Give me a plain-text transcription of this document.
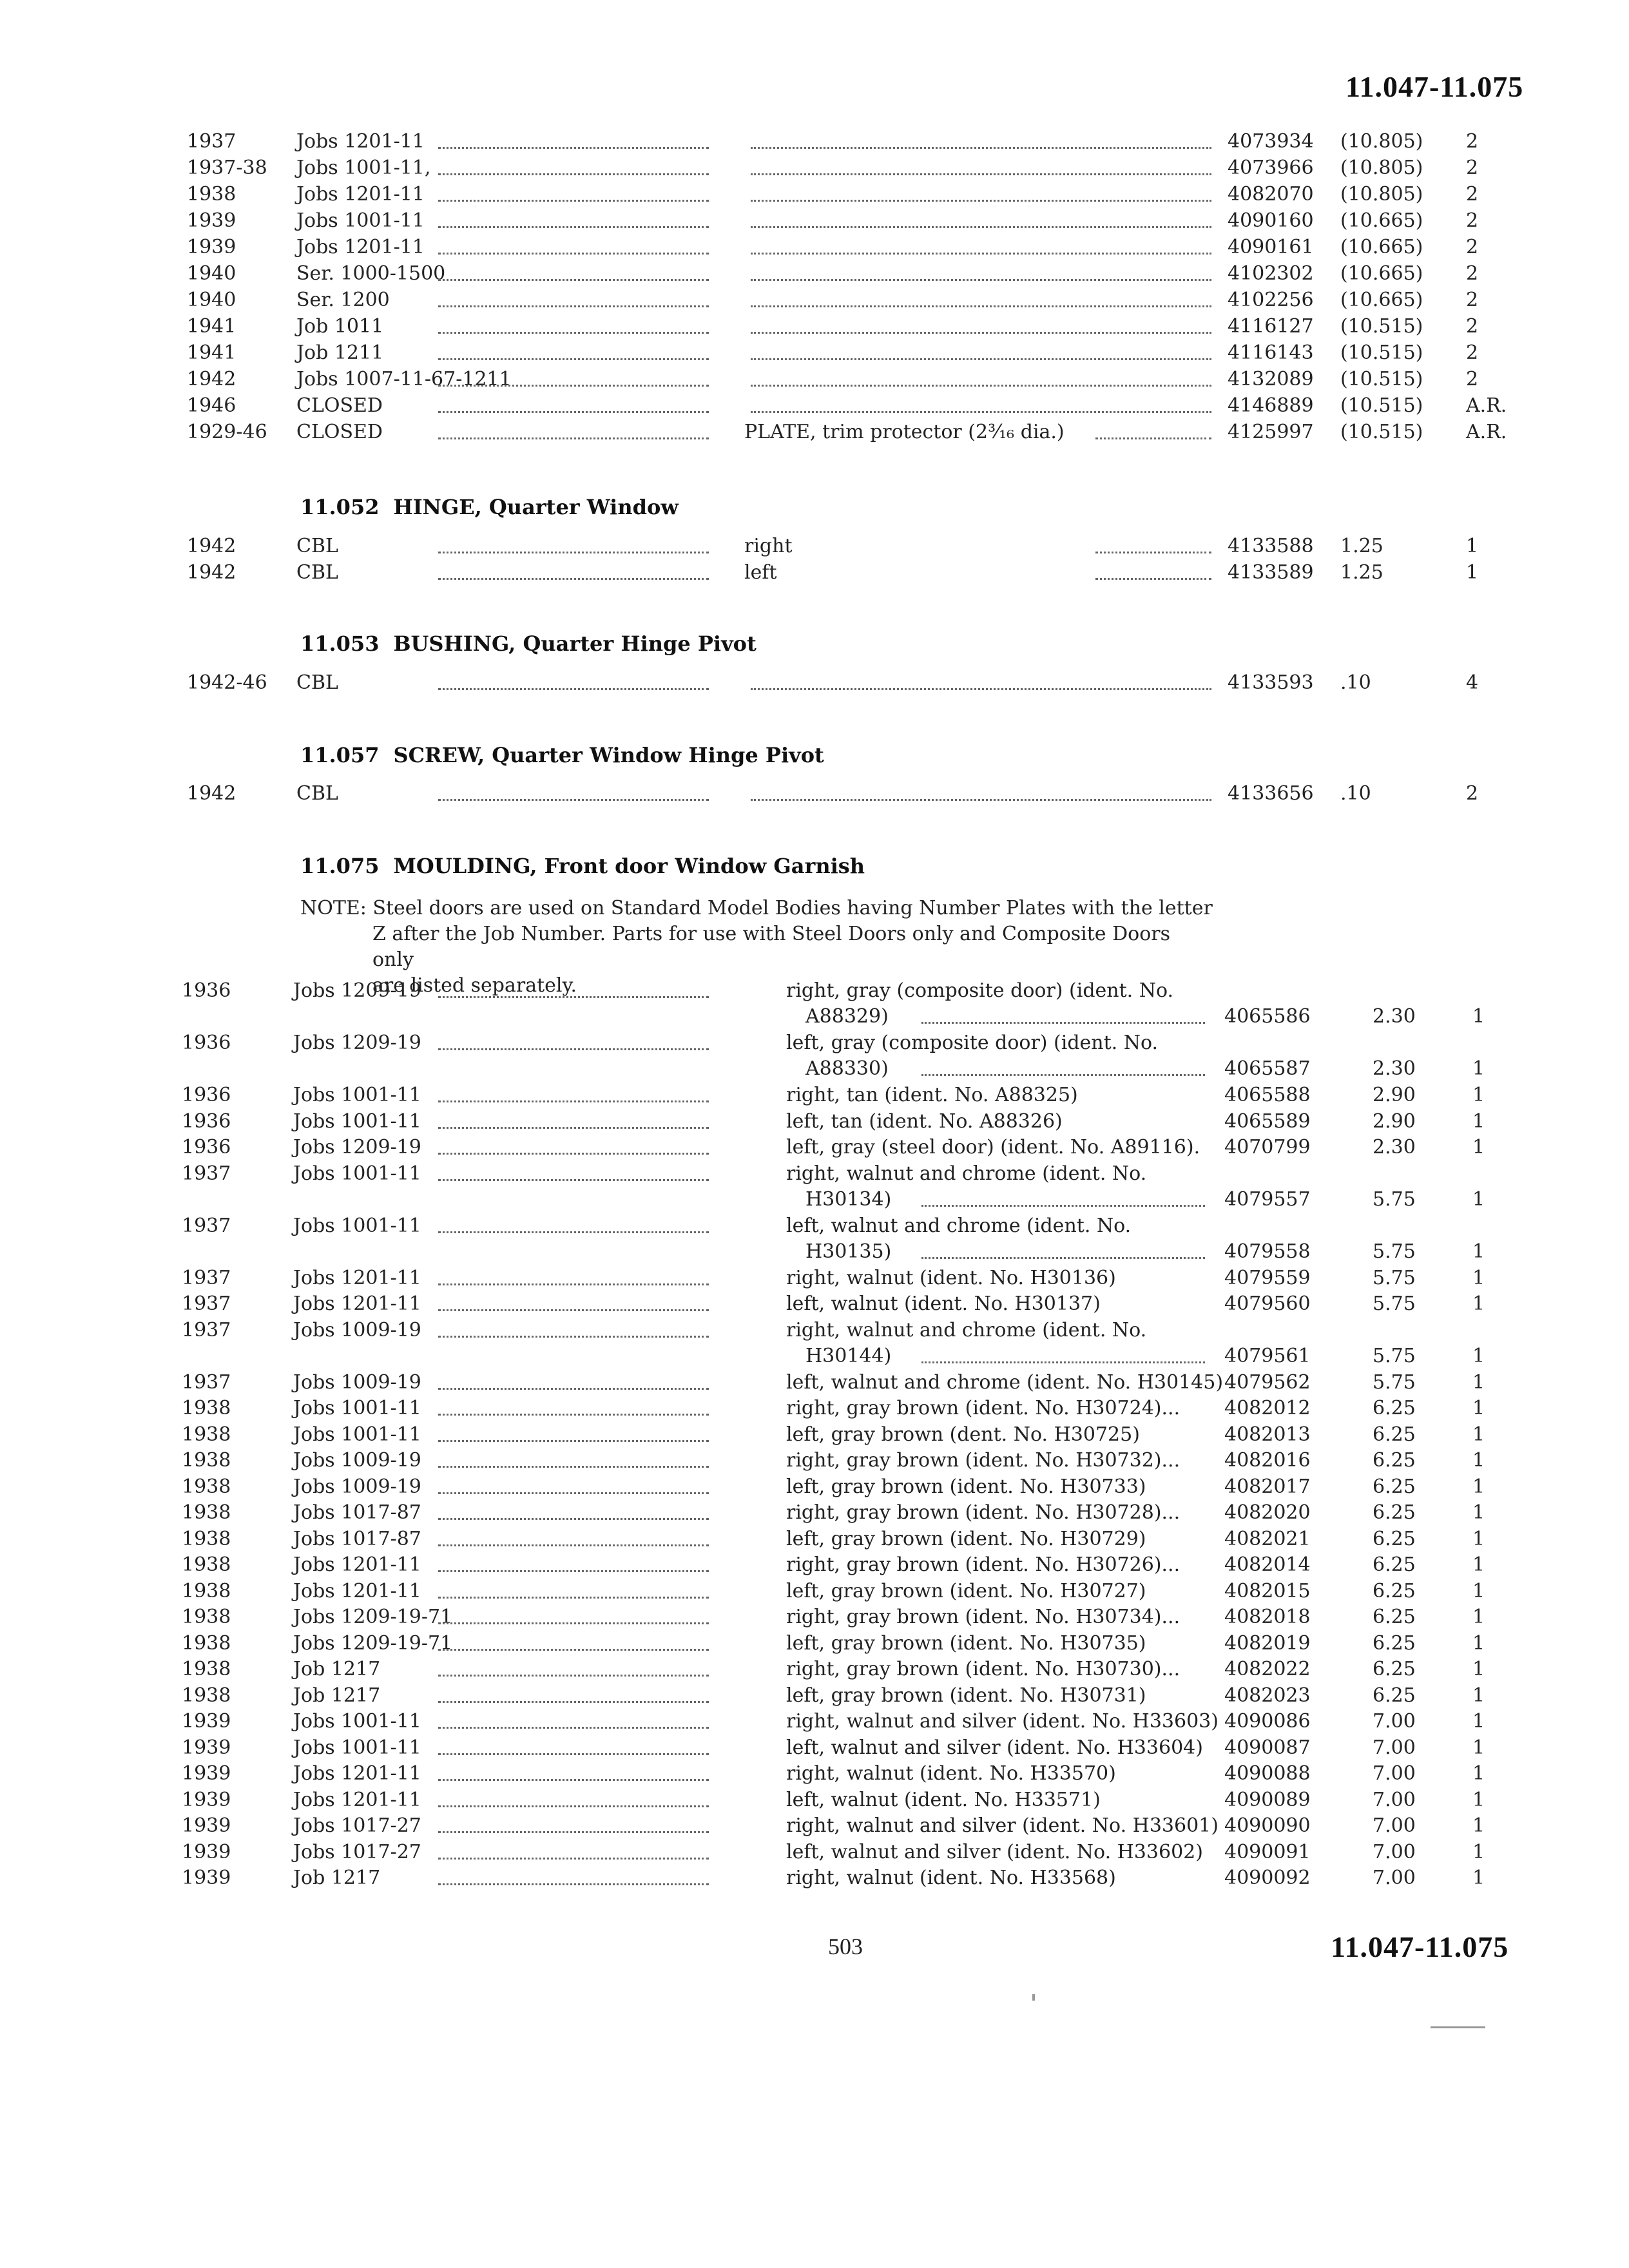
11.047-11.075
1937	Jobs 1201-11	4073934 (10.805) 2
1937-38 Jobs 1001-11,	4073966 (10.805) 2
1938	Jobs 1201-11	4082070 (10.805) 2
1939	Jobs 1001-11	4090160 (10.665) 2
1939	Jobs 1201-11	4090161 (10.665) 2
1940	Ser. 1000-1500	4102302 (10.665) 2
1940	Ser. 1200	4102256 (10.665) 2
1941	Job 1011	4116127 (10.515) 2
1941	Job 1211	4116143 (10.515) 2
1942	Jobs 1007-11-67-1211	4132089 (10.515) 2
1946	CLOSED	4146889 (10.515) A.R.
1929-46 CLOSED	PLATE, trim protector (2³⁄₁₆ dia.)	4125997 (10.515) A.R.
11.052 HINGE, Quarter Window
1942	CBL	right	4133588 1.25	1
1942	CBL	left	4133589 1.25	1
11.053 BUSHING, Quarter Hinge Pivot
1942-46 CBL	4133593 .10	4
11.057 SCREW, Quarter Window Hinge Pivot
1942	CBL	4133656 .10	2
11.075 MOULDING, Front door Window Garnish
NOTE: Steel doors are used on Standard Model Bodies having Number Plates with the letter
Z after the Job Number. Parts for use with Steel Doors only and Composite Doors only
are listed separately.
1936	Jobs 1209-19	right, gray (composite door) (ident. No.
A88329)	4065586	2.30	1
1936	Jobs 1209-19	left, gray (composite door) (ident. No.
A88330)	4065587	2.30	1
1936	Jobs 1001-11	right, tan (ident. No. A88325)	4065588	2.90	1
1936	Jobs 1001-11	left, tan (ident. No. A88326)	4065589	2.90	1
1936	Jobs 1209-19	left, gray (steel door) (ident. No. A89116). 4070799	2.30	1
1937	Jobs 1001-11	right, walnut and chrome (ident. No.
H30134)	4079557	5.75	1
1937	Jobs 1001-11	left, walnut and chrome (ident. No.
H30135)	4079558	5.75	1
1937	Jobs 1201-11	right, walnut (ident. No. H30136)	4079559	5.75	1
1937	Jobs 1201-11	left, walnut (ident. No. H30137)	4079560	5.75	1
1937	Jobs 1009-19	right, walnut and chrome (ident. No.
H30144)	4079561	5.75	1
1937	Jobs 1009-19	left, walnut and chrome (ident. No. H30145) 4079562	5.75	1
1938	Jobs 1001-11	right, gray brown (ident. No. H30724)... 4082012	6.25	1
1938	Jobs 1001-11	left, gray brown (dent. No. H30725)	4082013	6.25	1
1938	Jobs 1009-19	right, gray brown (ident. No. H30732)... 4082016	6.25	1
1938	Jobs 1009-19	left, gray brown (ident. No. H30733)	4082017	6.25	1
1938	Jobs 1017-87	right, gray brown (ident. No. H30728)... 4082020	6.25	1
1938	Jobs 1017-87	left, gray brown (ident. No. H30729)	4082021	6.25	1
1938	Jobs 1201-11	right, gray brown (ident. No. H30726)... 4082014	6.25	1
1938	Jobs 1201-11	left, gray brown (ident. No. H30727)	4082015	6.25	1
1938	Jobs 1209-19-71	right, gray brown (ident. No. H30734)... 4082018	6.25	1
1938	Jobs 1209-19-71	left, gray brown (ident. No. H30735)	4082019	6.25	1
1938	Job 1217	right, gray brown (ident. No. H30730)... 4082022	6.25	1
1938	Job 1217	left, gray brown (ident. No. H30731)	4082023	6.25	1
1939	Jobs 1001-11	right, walnut and silver (ident. No. H33603) 4090086	7.00	1
1939	Jobs 1001-11	left, walnut and silver (ident. No. H33604) 4090087	7.00	1
1939	Jobs 1201-11	right, walnut (ident. No. H33570)	4090088	7.00	1
1939	Jobs 1201-11	left, walnut (ident. No. H33571)	4090089	7.00	1
1939	Jobs 1017-27	right, walnut and silver (ident. No. H33601) 4090090	7.00	1
1939	Jobs 1017-27	left, walnut and silver (ident. No. H33602) 4090091	7.00	1
1939	Job 1217	right, walnut (ident. No. H33568)	4090092	7.00	1
503	11.047-11.075
